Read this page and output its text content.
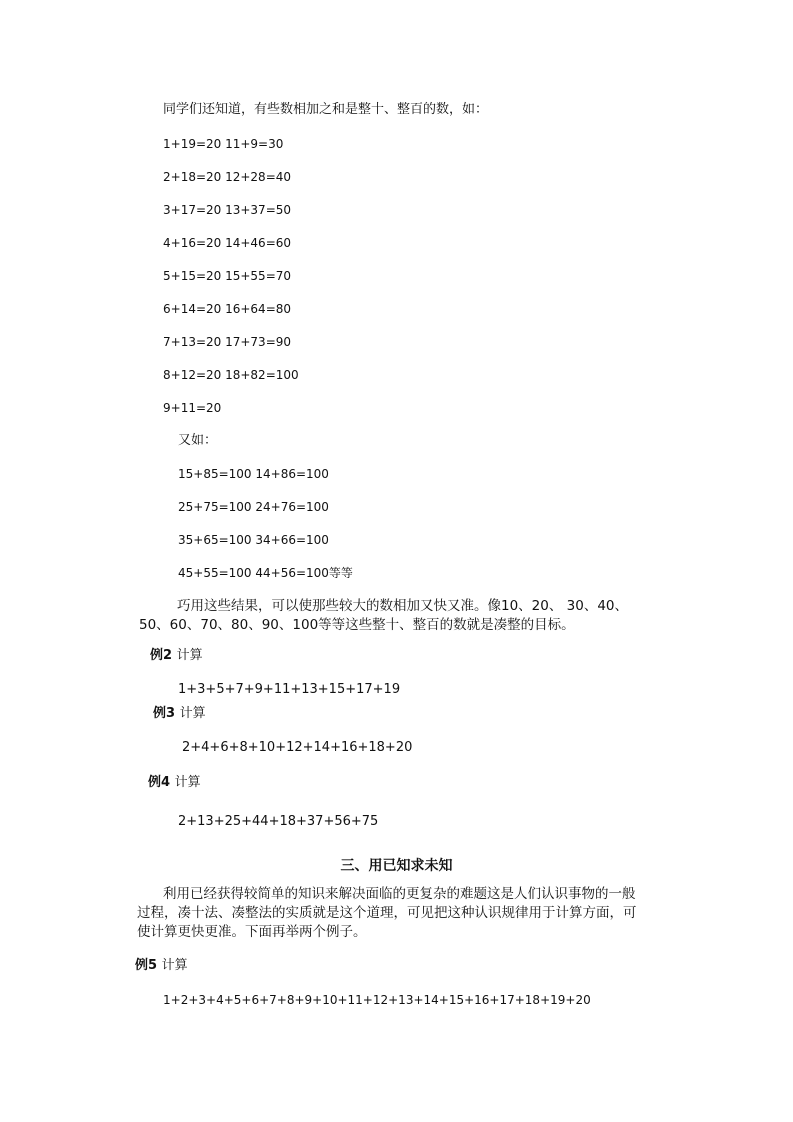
同学们还知道，有些数相加之和是整十、整百的数，如：
1+19=20 11+9=30
2+18=20 12+28=40
3+17=20 13+37=50
4+16=20 14+46=60
5+15=20 15+55=70
6+14=20 16+64=80
7+13=20 17+73=90
8+12=20 18+82=100
9+11=20
又如：
15+85=100 14+86=100
25+75=100 24+76=100
35+65=100 34+66=100
45+55=100 44+56=100等等
巧用这些结果，可以使那些较大的数相加又快又准。像10、20、 30、40、50、60、70、80、90、100等等这些整十、整百的数就是凑整的目标。
例2 计算
1+3+5+7+9+11+13+15+17+19
例3 计算
2+4+6+8+10+12+14+16+18+20
例4 计算
2+13+25+44+18+37+56+75
三、用已知求未知
利用已经获得较简单的知识来解决面临的更复杂的难题这是人们认识事物的一般过程，凑十法、凑整法的实质就是这个道理，可见把这种认识规律用于计算方面，可使计算更快更准。下面再举两个例子。
例5 计算
1+2+3+4+5+6+7+8+9+10+11+12+13+14+15+16+17+18+19+20
